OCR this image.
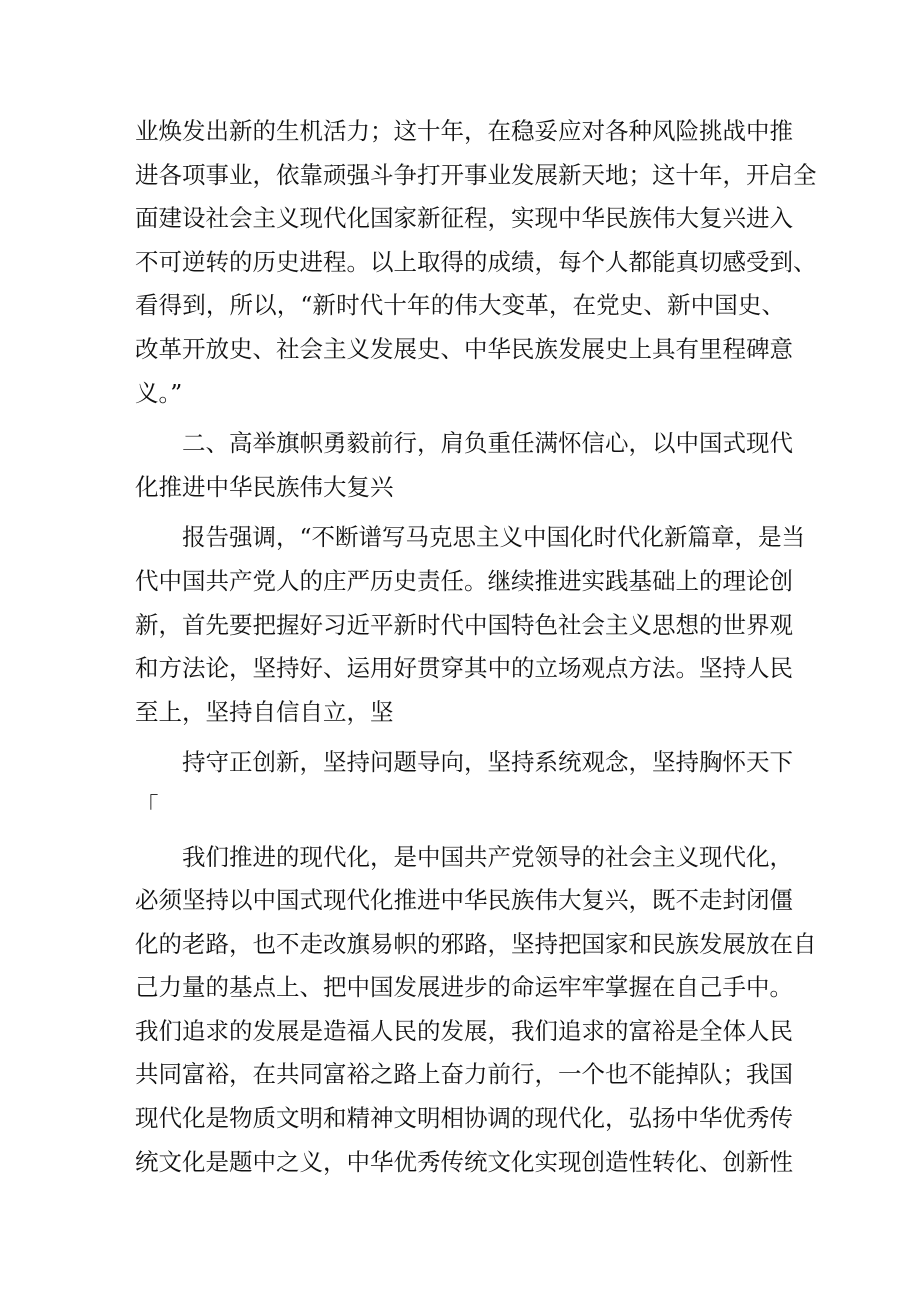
业焕发出新的生机活力；这十年，在稳妥应对各种风险挑战中推
进各项事业，依靠顽强斗争打开事业发展新天地；这十年，开启全
面建设社会主义现代化国家新征程，实现中华民族伟大复兴进入
不可逆转的历史进程。以上取得的成绩，每个人都能真切感受到、
看得到，所以，“新时代十年的伟大变革，在党史、新中国史、
改革开放史、社会主义发展史、中华民族发展史上具有里程碑意
义。”
二、高举旗帜勇毅前行，肩负重任满怀信心，以中国式现代
化推进中华民族伟大复兴
报告强调，“不断谱写马克思主义中国化时代化新篇章，是当
代中国共产党人的庄严历史责任。继续推进实践基础上的理论创
新，首先要把握好习近平新时代中国特色社会主义思想的世界观
和方法论，坚持好、运用好贯穿其中的立场观点方法。坚持人民
至上，坚持自信自立，坚
持守正创新，坚持问题导向，坚持系统观念，坚持胸怀天下
「
我们推进的现代化，是中国共产党领导的社会主义现代化，
必须坚持以中国式现代化推进中华民族伟大复兴，既不走封闭僵
化的老路，也不走改旗易帜的邪路，坚持把国家和民族发展放在自
己力量的基点上、把中国发展进步的命运牢牢掌握在自己手中。
我们追求的发展是造福人民的发展，我们追求的富裕是全体人民
共同富裕，在共同富裕之路上奋力前行，一个也不能掉队；我国
现代化是物质文明和精神文明相协调的现代化，弘扬中华优秀传
统文化是题中之义，中华优秀传统文化实现创造性转化、创新性
